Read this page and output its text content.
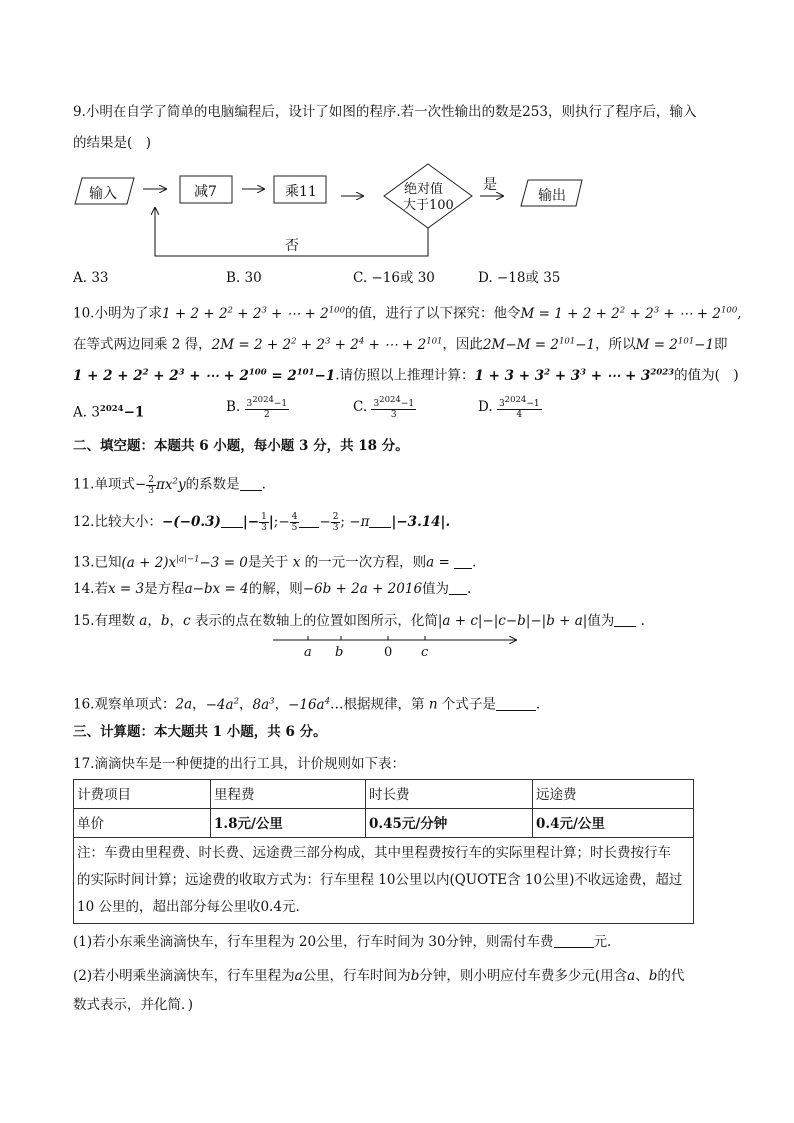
9.小明在自学了简单的电脑编程后，设计了如图的程序.若一次性输出的数是253，则执行了程序后，输入
的结果是(　)
输入	减7	乘11	绝对值
大于100
是
输出
否
A. 33	B. 30	C. −16或 30	D. −18或 35
10.小明为了求$1 + 2 + 2^2 + 2^3$ + ⋯ + $2^{100}$的值，进行了以下探究：他令$M = 1 + 2 + 2^2 + 2^3$ + ⋯ + $2^{100}$,
在等式两边同乘 2 得，$2M = 2 + 2^2 + 2^3 + 2^4$ + ⋯ + $2^{101}$，因此$2M-M = 2^{101}-1$，所以$M = 2^{101}-1$即
$1 + 2 + 2^2 + 2^3$ + ⋯ + $2^{100} = 2^{101}-1$.请仿照以上推理计算：$1 + 3 + 3^2 + 3^3$ + ⋯ + $3^{2023}$的值为(　)
A. $3^{2024}-1$	B. $\frac{3^{2024}-1}{2}$	C. $\frac{3^{2024}-1}{3}$	D. $\frac{3^{2024}-1}{4}$
二、填空题：本题共 6 小题，每小题 3 分，共 18 分。
11.单项式− $\frac{2}{3} \pi x^2y$的系数是 .
12.比较大小：−(−0.3) |− $\frac{1}{3}$ |;− $\frac{4}{5} - \frac{2}{3}$ ; −π |−3.14|.
13.已知$(a + 2)x^{|a|-1}-3 = 0$是关于 x 的一元一次方程，则a = .
14.若x = 3是方程a−bx = 4的解，则−6b + 2a + 2016值为 .
15.有理数 a，b，c 表示的点在数轴上的位置如图所示，化简|a + c|−|c−b|−|b + a|值为 .
a b	0 c
16.观察单项式：2a，$-4a^2$，$8a^3$，$-16a^4\dots$根据规律，第 n 个式子是	.
三、计算题：本大题共 1 小题，共 6 分。
17.滴滴快车是一种便捷的出行工具，计价规则如下表：
计费项目	里程费	时长费	远途费
单价	1.8元/公里	0.45元/分钟	0.4元/公里

注：车费由里程费、时长费、远途费三部分构成，其中里程费按行车的实际里程计算；时长费按行车
的实际时间计算；远途费的收取方式为：行车里程 10公里以内(QUOTE含 10公里)不收远途费，超过
10 公里的，超出部分每公里收0.4元.			
(1)若小东乘坐滴滴快车，行车里程为 20公里，行车时间为 30分钟，则需付车费	元.
(2)若小明乘坐滴滴快车，行车里程为a公里，行车时间为b分钟，则小明应付车费多少元(用含a、b的代
数式表示，并化简．)
